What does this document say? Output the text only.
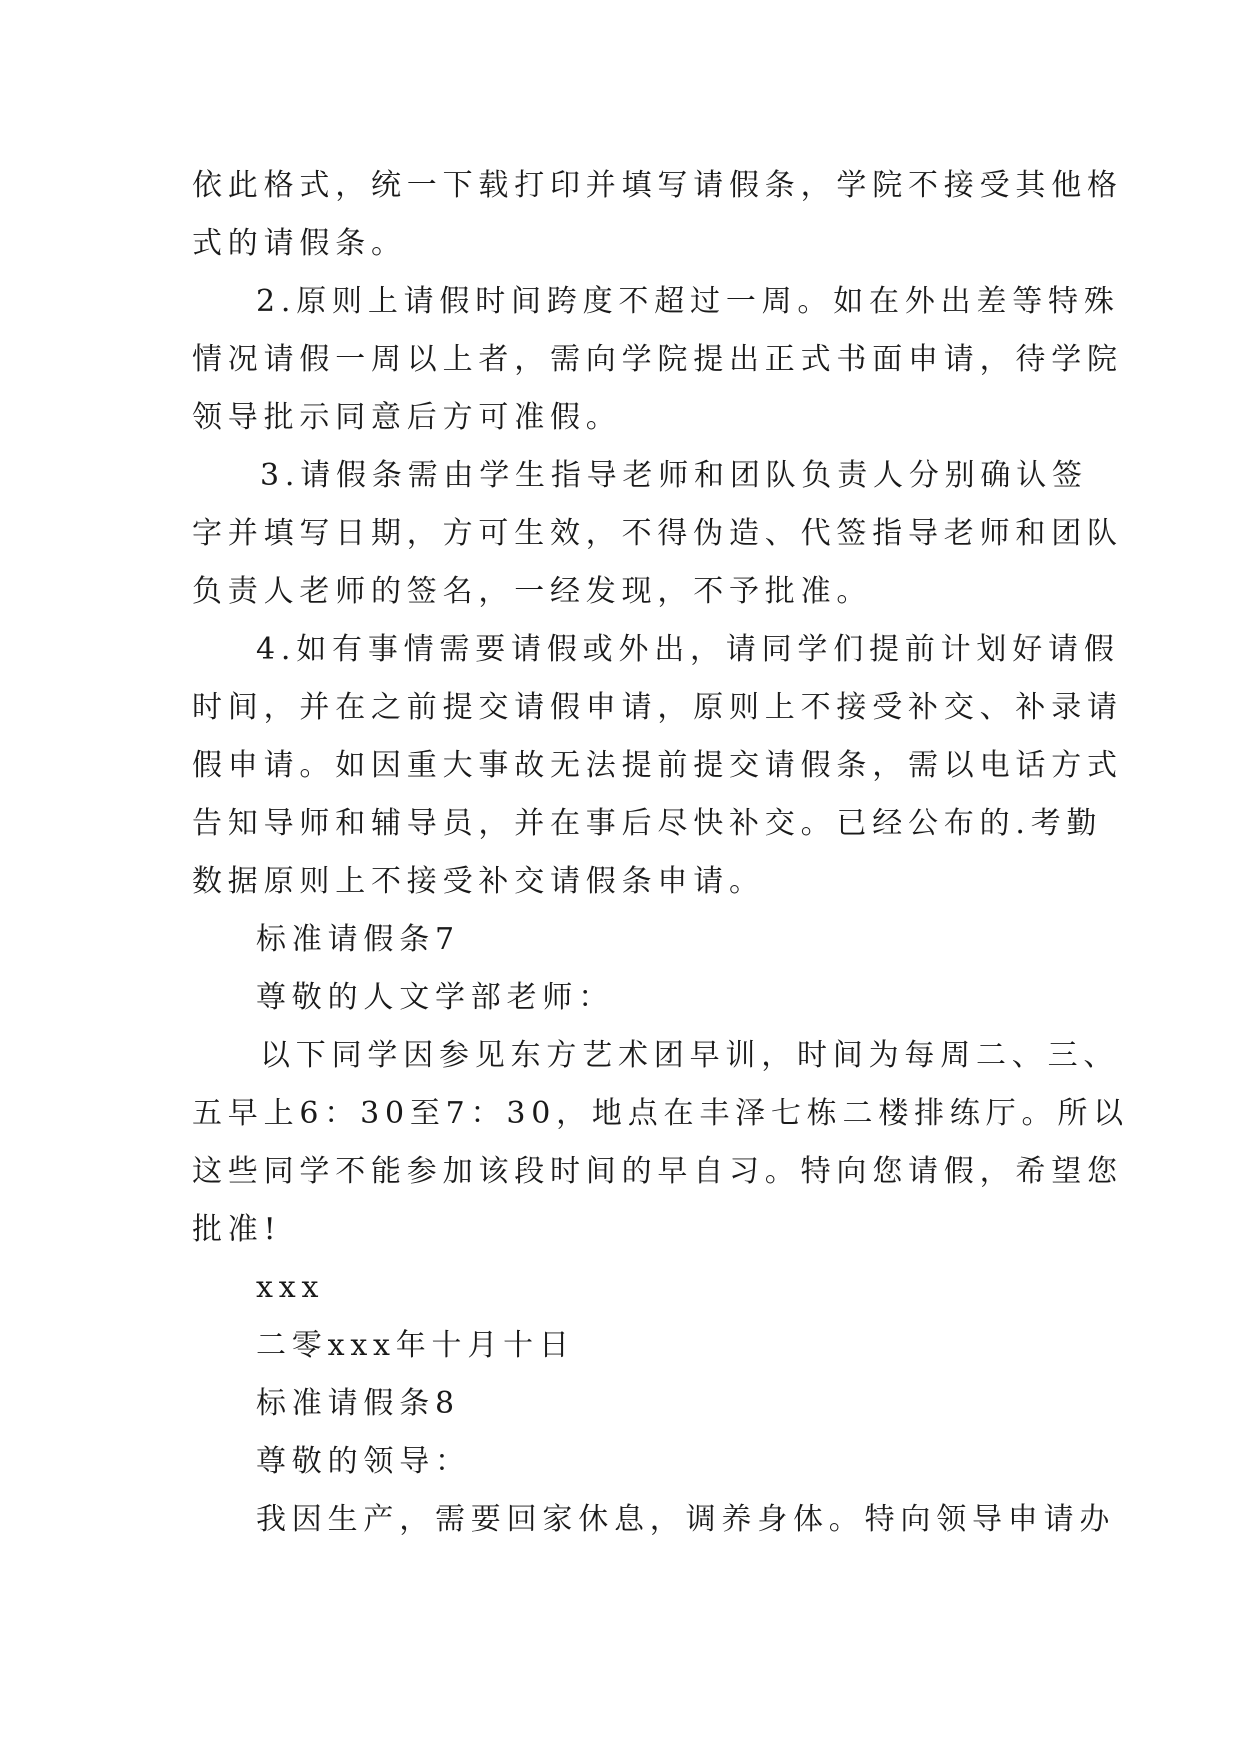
依此格式，统一下载打印并填写请假条，学院不接受其他格
式的请假条。
2.原则上请假时间跨度不超过一周。如在外出差等特殊
情况请假一周以上者，需向学院提出正式书面申请，待学院
领导批示同意后方可准假。
3.请假条需由学生指导老师和团队负责人分别确认签
字并填写日期，方可生效，不得伪造、代签指导老师和团队
负责人老师的签名，一经发现，不予批准。
4.如有事情需要请假或外出，请同学们提前计划好请假
时间，并在之前提交请假申请，原则上不接受补交、补录请
假申请。如因重大事故无法提前提交请假条，需以电话方式
告知导师和辅导员，并在事后尽快补交。已经公布的.考勤
数据原则上不接受补交请假条申请。
标准请假条7
尊敬的人文学部老师：
以下同学因参见东方艺术团早训，时间为每周二、三、
五早上6：30至7：30，地点在丰泽七栋二楼排练厅。所以
这些同学不能参加该段时间的早自习。特向您请假，希望您
批准!
xxx
二零xxx年十月十日
标准请假条8
尊敬的领导：
我因生产，需要回家休息，调养身体。特向领导申请办
